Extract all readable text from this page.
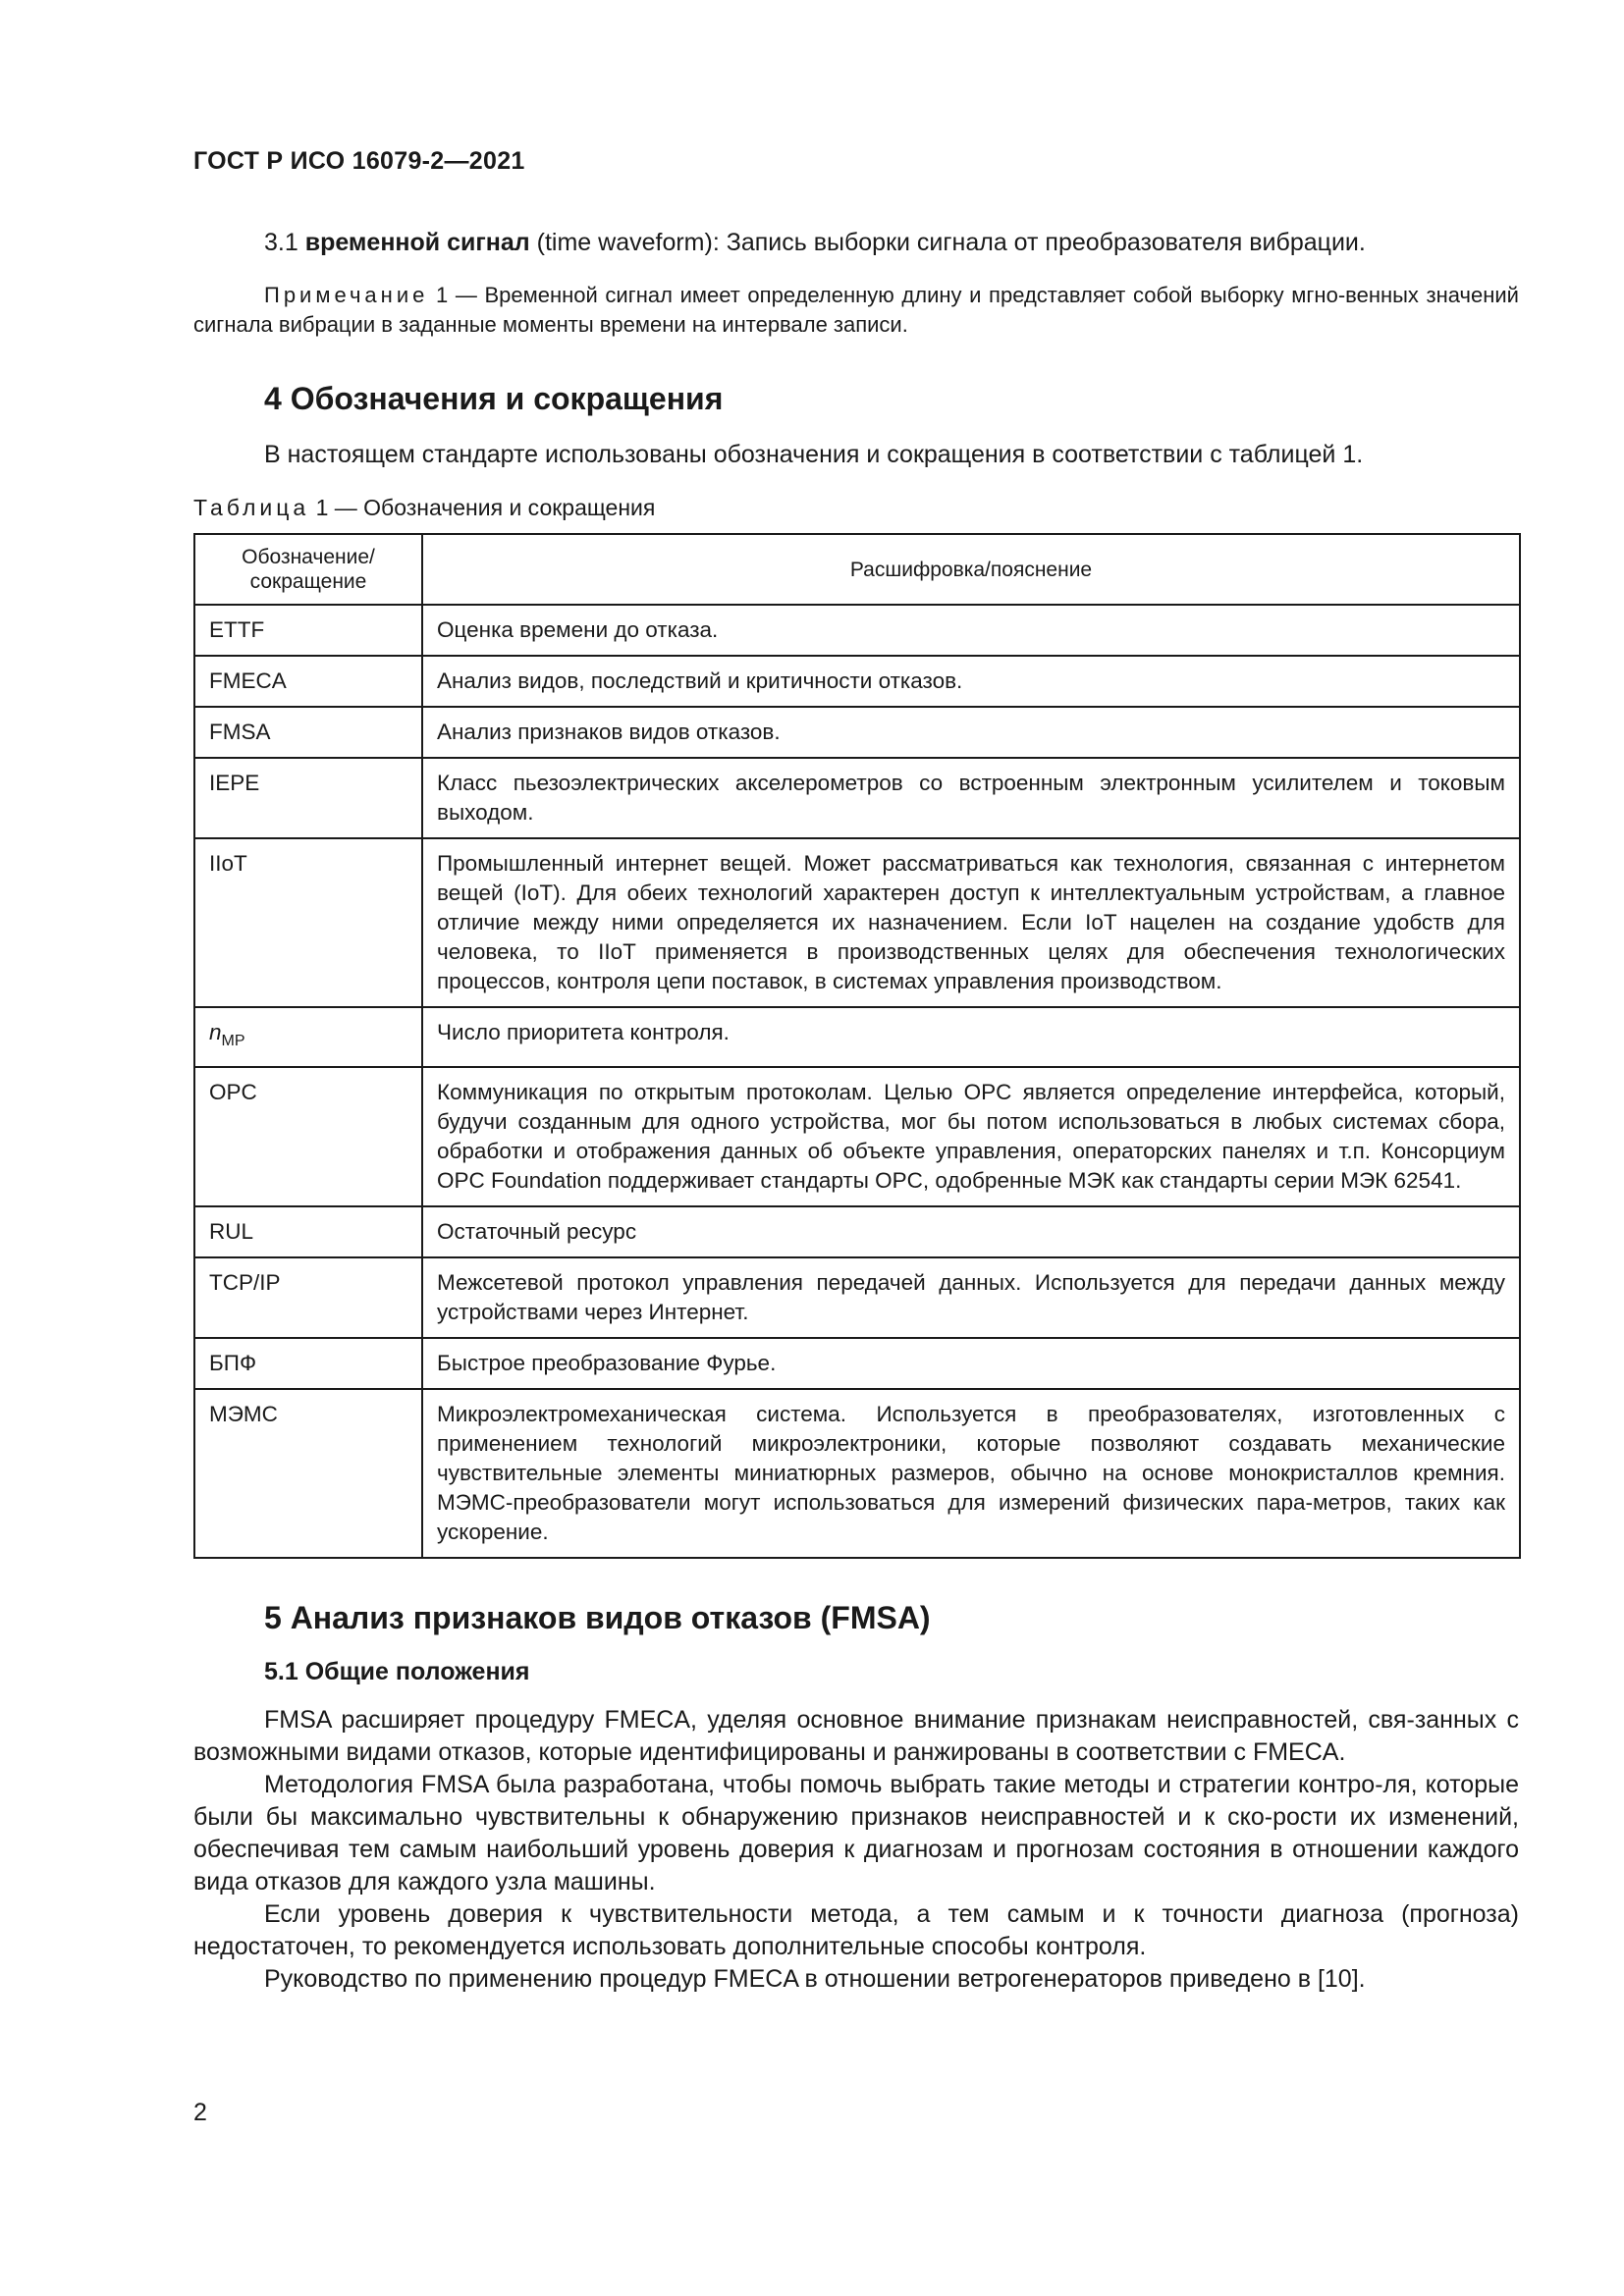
ГОСТ Р ИСО 16079-2—2021

3.1 временной сигнал (time waveform): Запись выборки сигнала от преобразователя вибрации.

Примечание 1 — Временной сигнал имеет определенную длину и представляет собой выборку мгно-венных значений сигнала вибрации в заданные моменты времени на интервале записи.

4 Обозначения и сокращения

В настоящем стандарте использованы обозначения и сокращения в соответствии с таблицей 1.

Таблица 1 — Обозначения и сокращения
Обозначение/ сокращение	Расшифровка/пояснение
ETTF	Оценка времени до отказа.
FMECA	Анализ видов, последствий и критичности отказов.
FMSA	Анализ признаков видов отказов.
IEPE	Класс пьезоэлектрических акселерометров со встроенным электронным усилителем и токовым выходом.
IIoT	Промышленный интернет вещей. Может рассматриваться как технология, связанная с интернетом вещей (IoT). Для обеих технологий характерен доступ к интеллектуальным устройствам, а главное отличие между ними определяется их назначением. Если IoT нацелен на создание удобств для человека, то IIoT применяется в производственных целях для обеспечения технологических процессов, контроля цепи поставок, в системах управления производством.
$n_{MP}$	Число приоритета контроля.
OPC	Коммуникация по открытым протоколам. Целью OPC является определение интерфейса, который, будучи созданным для одного устройства, мог бы потом использоваться в любых системах сбора, обработки и отображения данных об объекте управления, операторских панелях и т.п. Консорциум OPC Foundation поддерживает стандарты OPC, одобренные МЭК как стандарты серии МЭК 62541.
RUL	Остаточный ресурс
TCP/IP	Межсетевой протокол управления передачей данных. Используется для передачи данных между устройствами через Интернет.
БПФ	Быстрое преобразование Фурье.
МЭМС	Микроэлектромеханическая система. Используется в преобразователях, изготовленных с применением технологий микроэлектроники, которые позволяют создавать механические чувствительные элементы миниатюрных размеров, обычно на основе монокристаллов кремния. МЭМС-преобразователи могут использоваться для измерений физических пара-метров, таких как ускорение.
5 Анализ признаков видов отказов (FMSA)
5.1 Общие положения

FMSA расширяет процедуру FMECA, уделяя основное внимание признакам неисправностей, свя-занных с возможными видами отказов, которые идентифицированы и ранжированы в соответствии с FMECA.

Методология FMSA была разработана, чтобы помочь выбрать такие методы и стратегии контро-ля, которые были бы максимально чувствительны к обнаружению признаков неисправностей и к ско-рости их изменений, обеспечивая тем самым наибольший уровень доверия к диагнозам и прогнозам состояния в отношении каждого вида отказов для каждого узла машины.

Если уровень доверия к чувствительности метода, а тем самым и к точности диагноза (прогноза) недостаточен, то рекомендуется использовать дополнительные способы контроля.

Руководство по применению процедур FMECA в отношении ветрогенераторов приведено в [10].

2
